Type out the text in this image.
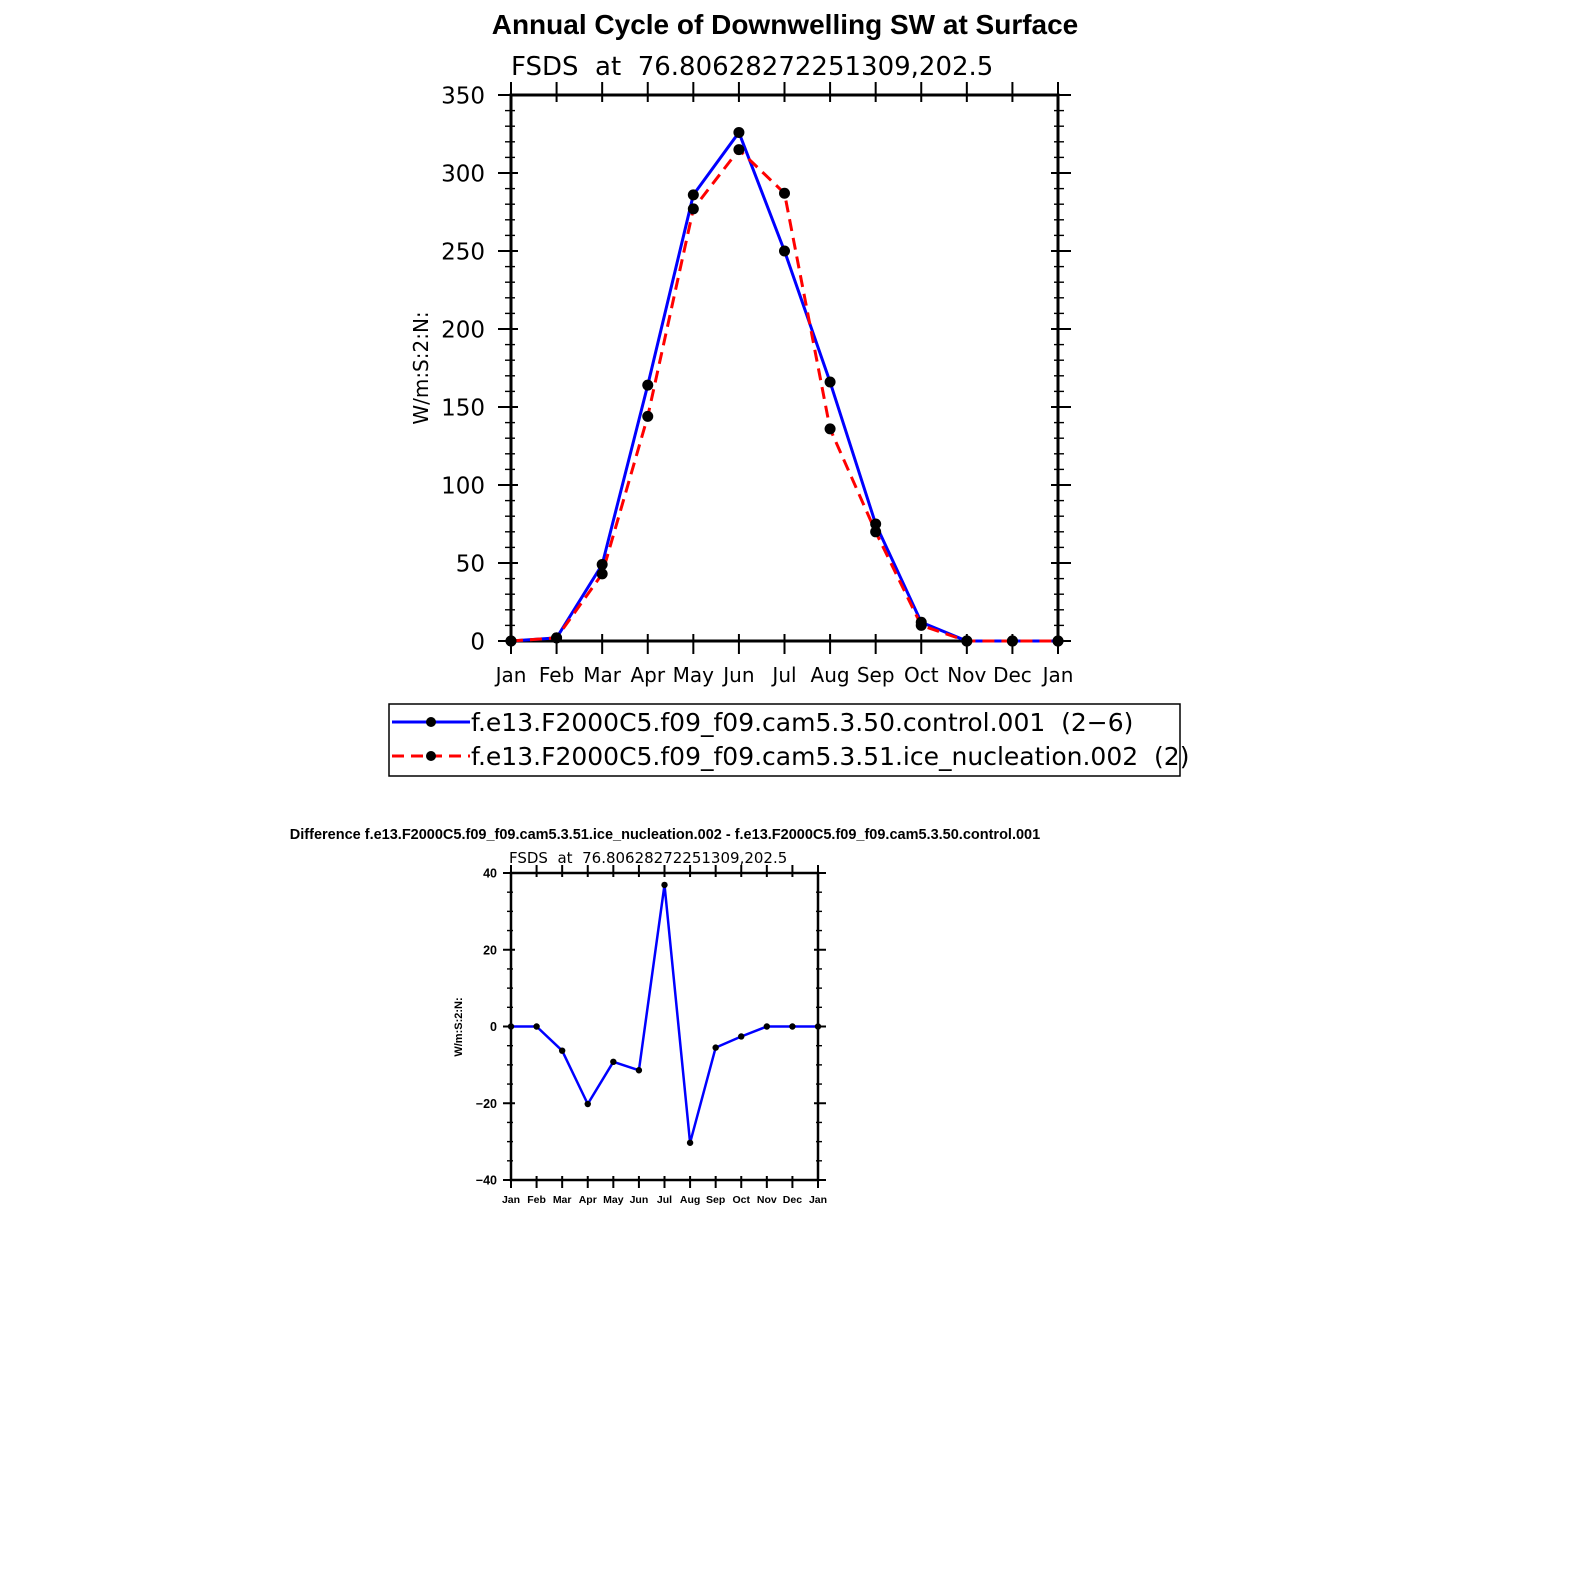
Annual Cycle of Downwelling SW at Surface
FSDS  at  76.80628272251309,202.5
W/m:S:2:N:
0
50
100
150
200
250
300
350
Jan Feb Mar Apr May Jun Jul Aug Sep Oct Nov Dec Jan
f.e13.F2000C5.f09_f09.cam5.3.50.control.001  (2−6)
f.e13.F2000C5.f09_f09.cam5.3.51.ice_nucleation.002  (2)
Difference f.e13.F2000C5.f09_f09.cam5.3.51.ice_nucleation.002 - f.e13.F2000C5.f09_f09.cam5.3.50.control.001
FSDS  at  76.80628272251309,202.5
W/m:S:2:N:
−40
−20
0
20
40
Jan Feb Mar Apr May Jun Jul Aug Sep Oct Nov Dec Jan
